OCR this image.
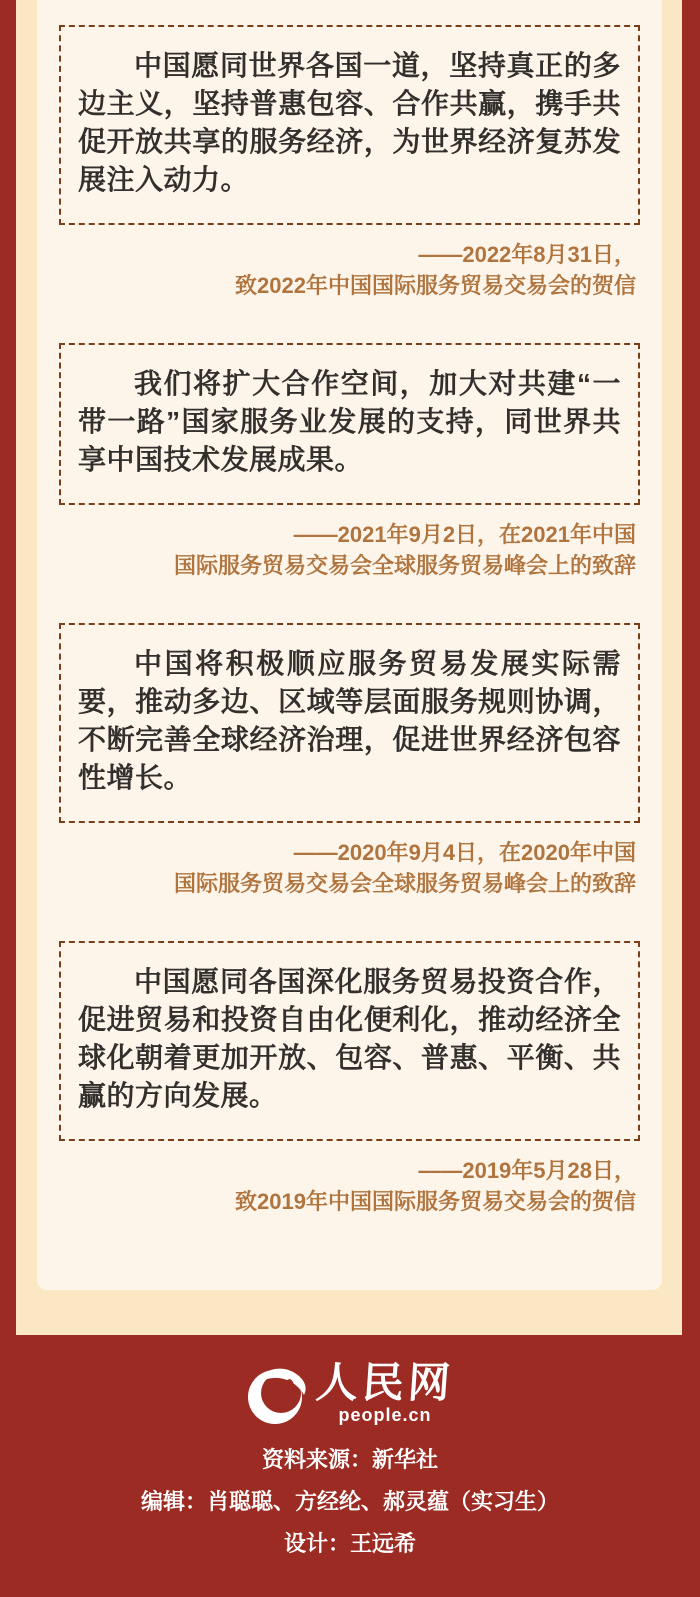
中国愿同世界各国一道，坚持真正的多边主义，坚持普惠包容、合作共赢，携手共促开放共享的服务经济，为世界经济复苏发展注入动力。

——2022年8月31日，
致2022年中国国际服务贸易交易会的贺信

我们将扩大合作空间，加大对共建“一带一路”国家服务业发展的支持，同世界共享中国技术发展成果。

——2021年9月2日，在2021年中国
国际服务贸易交易会全球服务贸易峰会上的致辞

中国将积极顺应服务贸易发展实际需要，推动多边、区域等层面服务规则协调，不断完善全球经济治理，促进世界经济包容性增长。

——2020年9月4日，在2020年中国
国际服务贸易交易会全球服务贸易峰会上的致辞

中国愿同各国深化服务贸易投资合作，促进贸易和投资自由化便利化，推动经济全球化朝着更加开放、包容、普惠、平衡、共赢的方向发展。

——2019年5月28日，
致2019年中国国际服务贸易交易会的贺信
人民网
people.cn
资料来源：新华社
编辑：肖聪聪、方经纶、郝灵蕴（实习生）
设计：王远希
